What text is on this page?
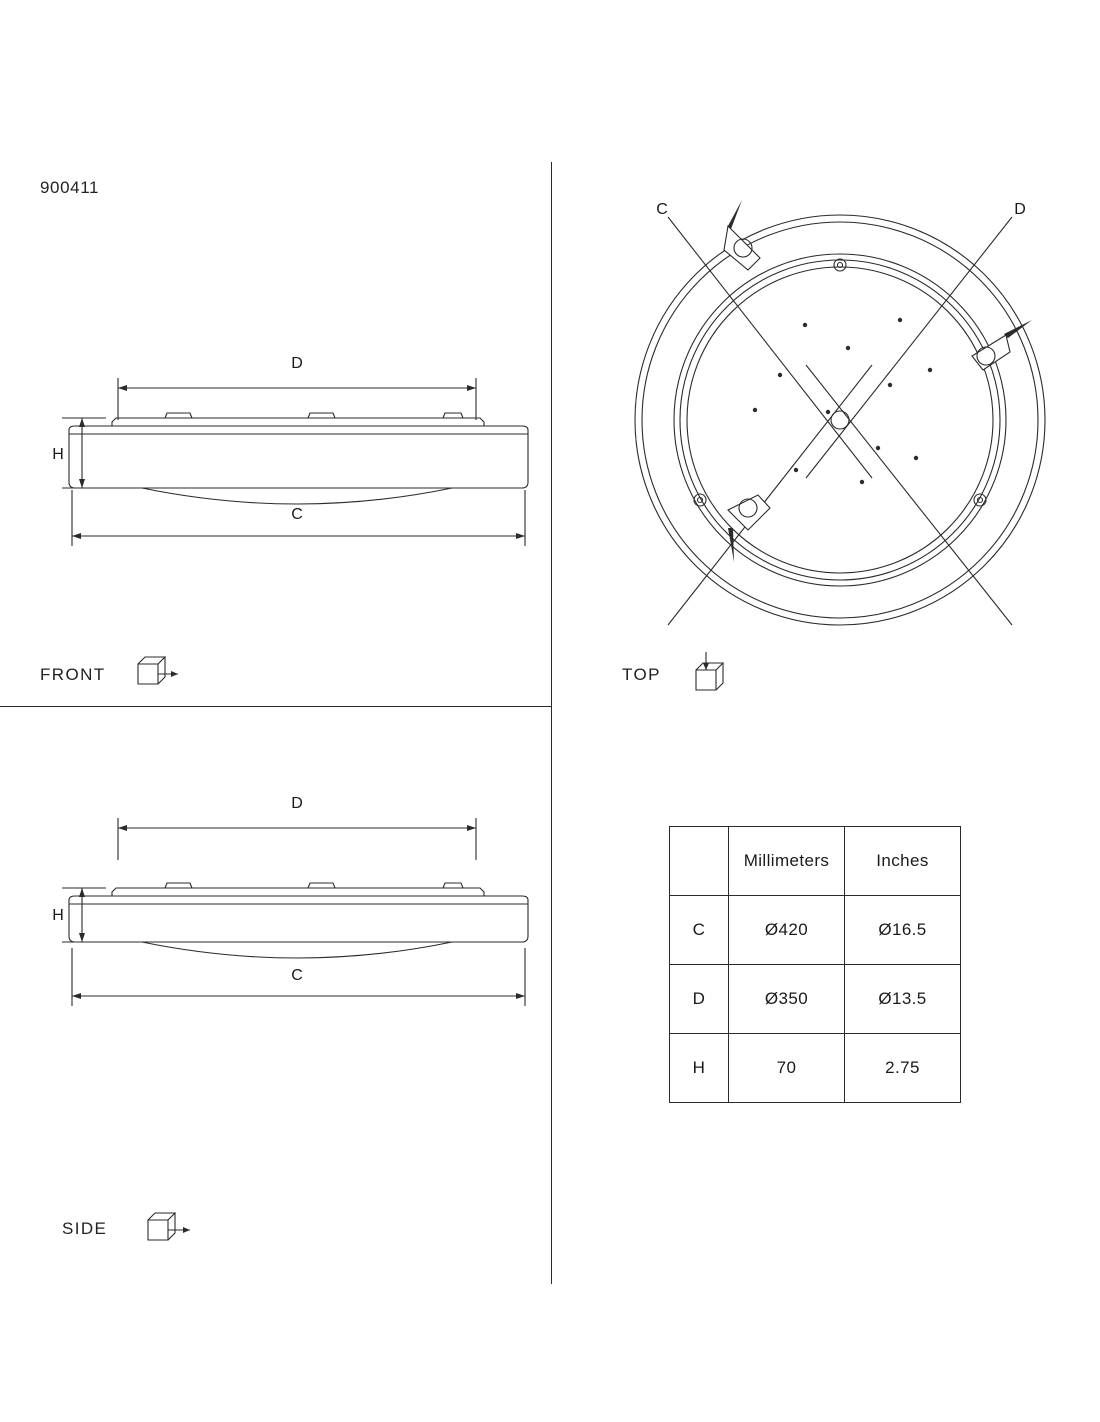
900411
D
H
C
D
H
C
C	D
FRONT	TOP
SIDE
	Millimeters	Inches
C	Ø420	Ø16.5
D	Ø350	Ø13.5
H	70	2.75
